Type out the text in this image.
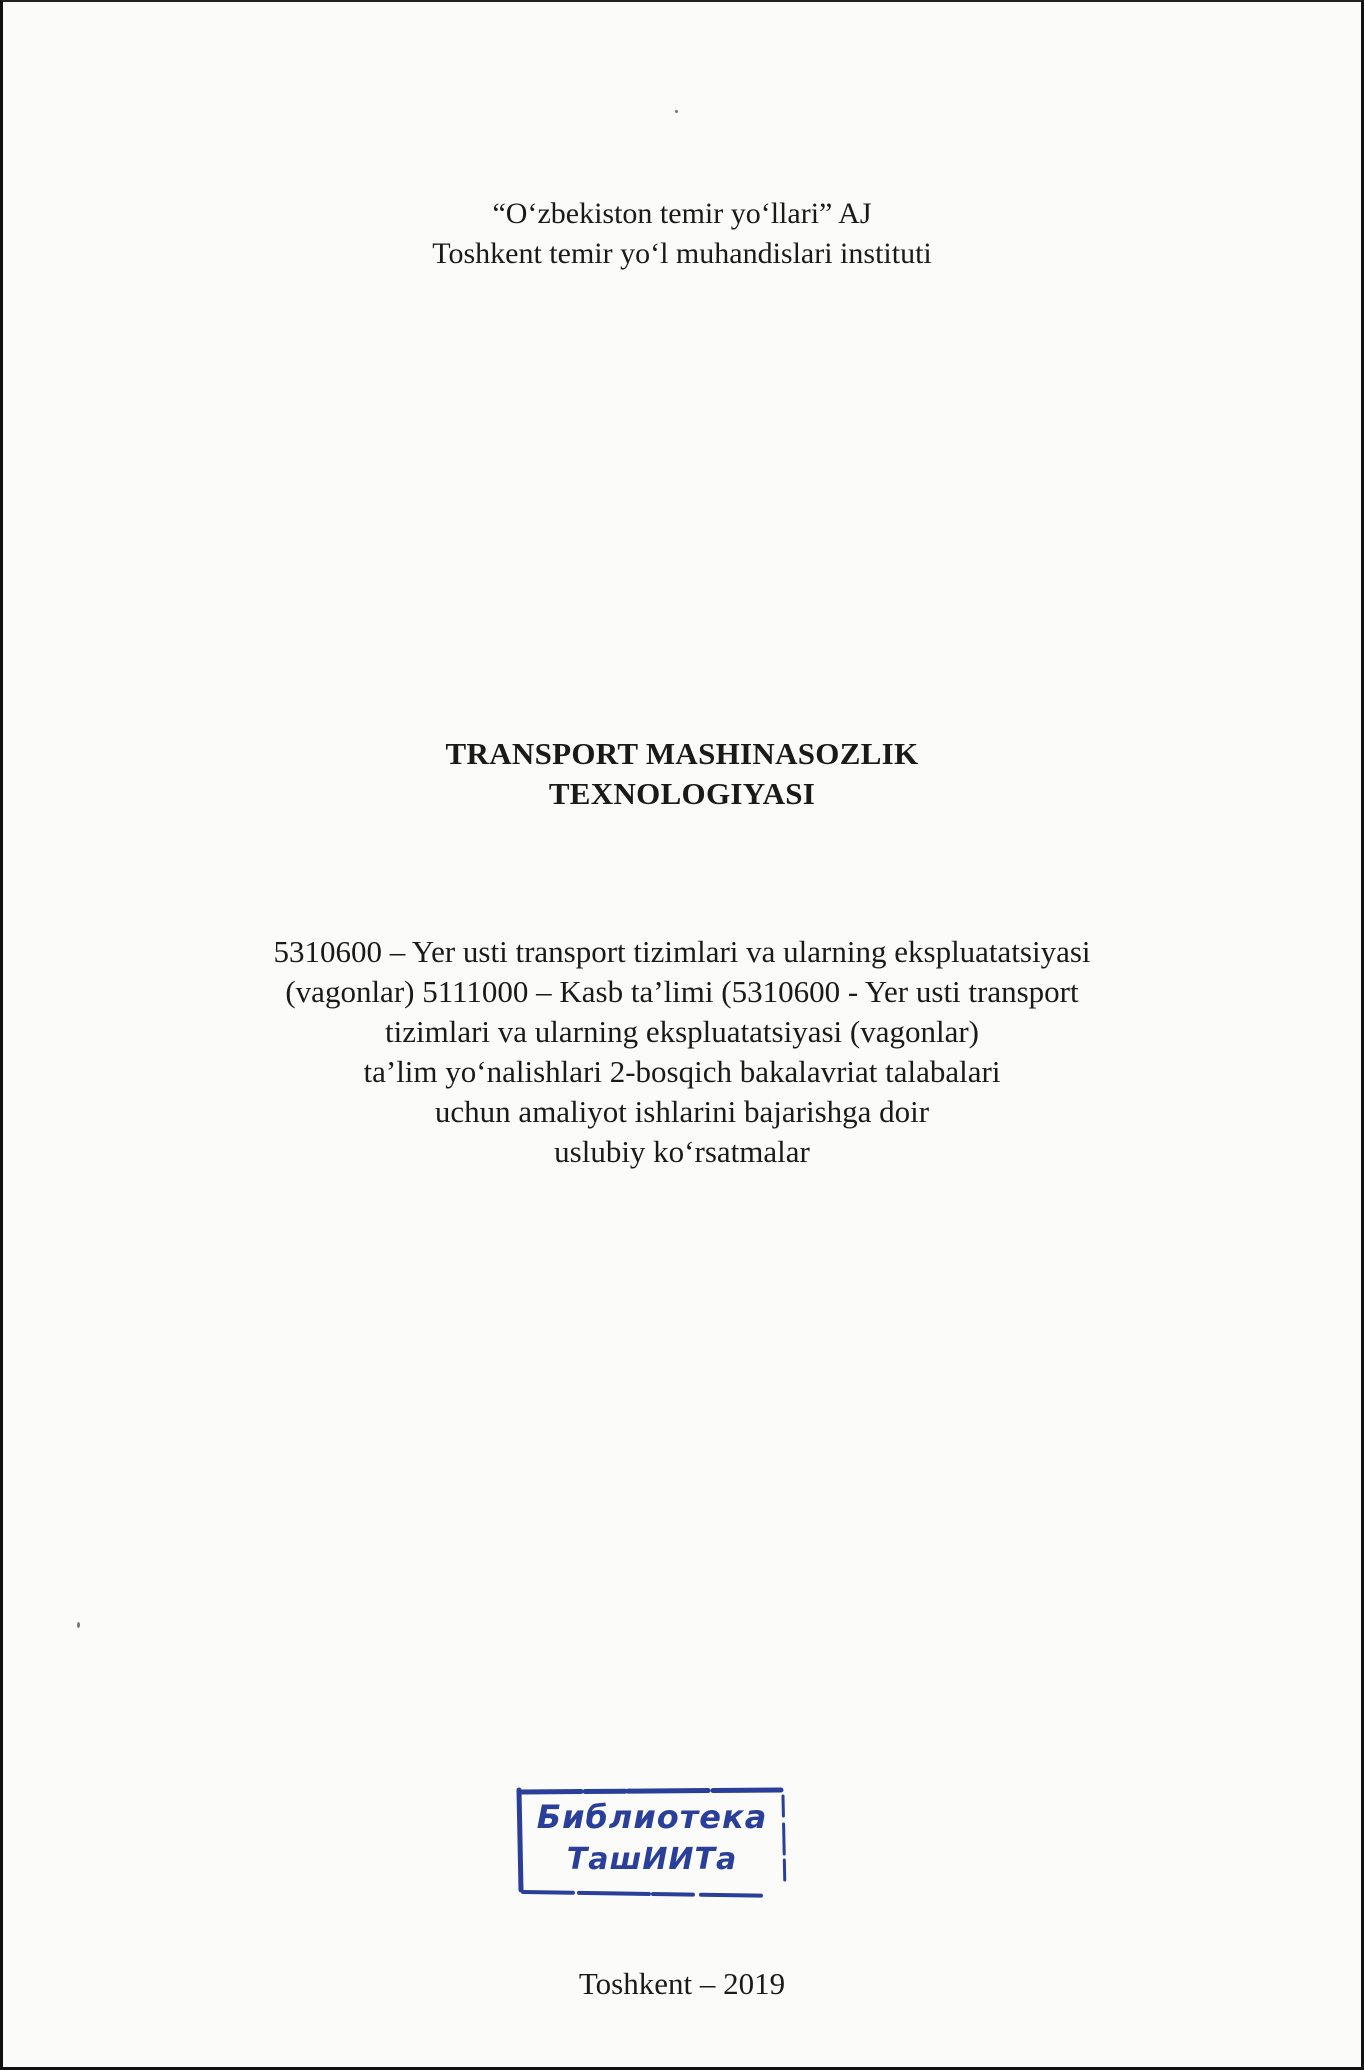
“O‘zbekiston temir yo‘llari” AJ
Toshkent temir yo‘l muhandislari instituti
TRANSPORT MASHINASOZLIK
TEXNOLOGIYASI
5310600 – Yer usti transport tizimlari va ularning ekspluatatsiyasi
(vagonlar) 5111000 – Kasb ta’limi (5310600 - Yer usti transport
tizimlari va ularning ekspluatatsiyasi (vagonlar)
ta’lim yo‘nalishlari 2-bosqich bakalavriat talabalari
uchun amaliyot ishlarini bajarishga doir
uslubiy ko‘rsatmalar
Библиотека
ТашИИТа
Toshkent – 2019
